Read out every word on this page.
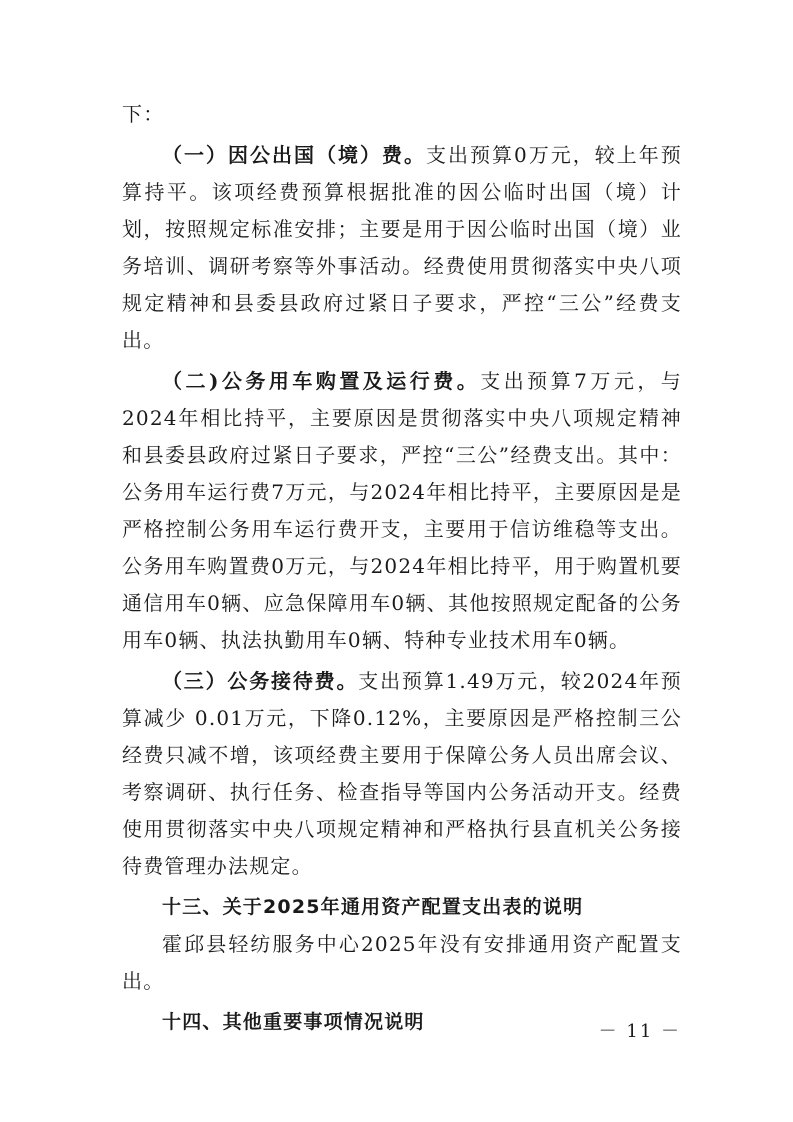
下：

（一）因公出国（境）费。支出预算0万元，较上年预算持平。该项经费预算根据批准的因公临时出国（境）计划，按照规定标准安排；主要是用于因公临时出国（境）业务培训、调研考察等外事活动。经费使用贯彻落实中央八项规定精神和县委县政府过紧日子要求，严控“三公”经费支出。

（二)公务用车购置及运行费。支出预算7万元，与2024年相比持平，主要原因是贯彻落实中央八项规定精神和县委县政府过紧日子要求，严控“三公”经费支出。其中：公务用车运行费7万元，与2024年相比持平，主要原因是是严格控制公务用车运行费开支，主要用于信访维稳等支出。公务用车购置费0万元，与2024年相比持平，用于购置机要通信用车0辆、应急保障用车0辆、其他按照规定配备的公务用车0辆、执法执勤用车0辆、特种专业技术用车0辆。

（三）公务接待费。支出预算1.49万元，较2024年预算减少 0.01万元，下降0.12%，主要原因是严格控制三公经费只减不增，该项经费主要用于保障公务人员出席会议、考察调研、执行任务、检查指导等国内公务活动开支。经费使用贯彻落实中央八项规定精神和严格执行县直机关公务接待费管理办法规定。

十三、关于2025年通用资产配置支出表的说明

霍邱县轻纺服务中心2025年没有安排通用资产配置支出。

十四、其他重要事项情况说明	－ 11 －
